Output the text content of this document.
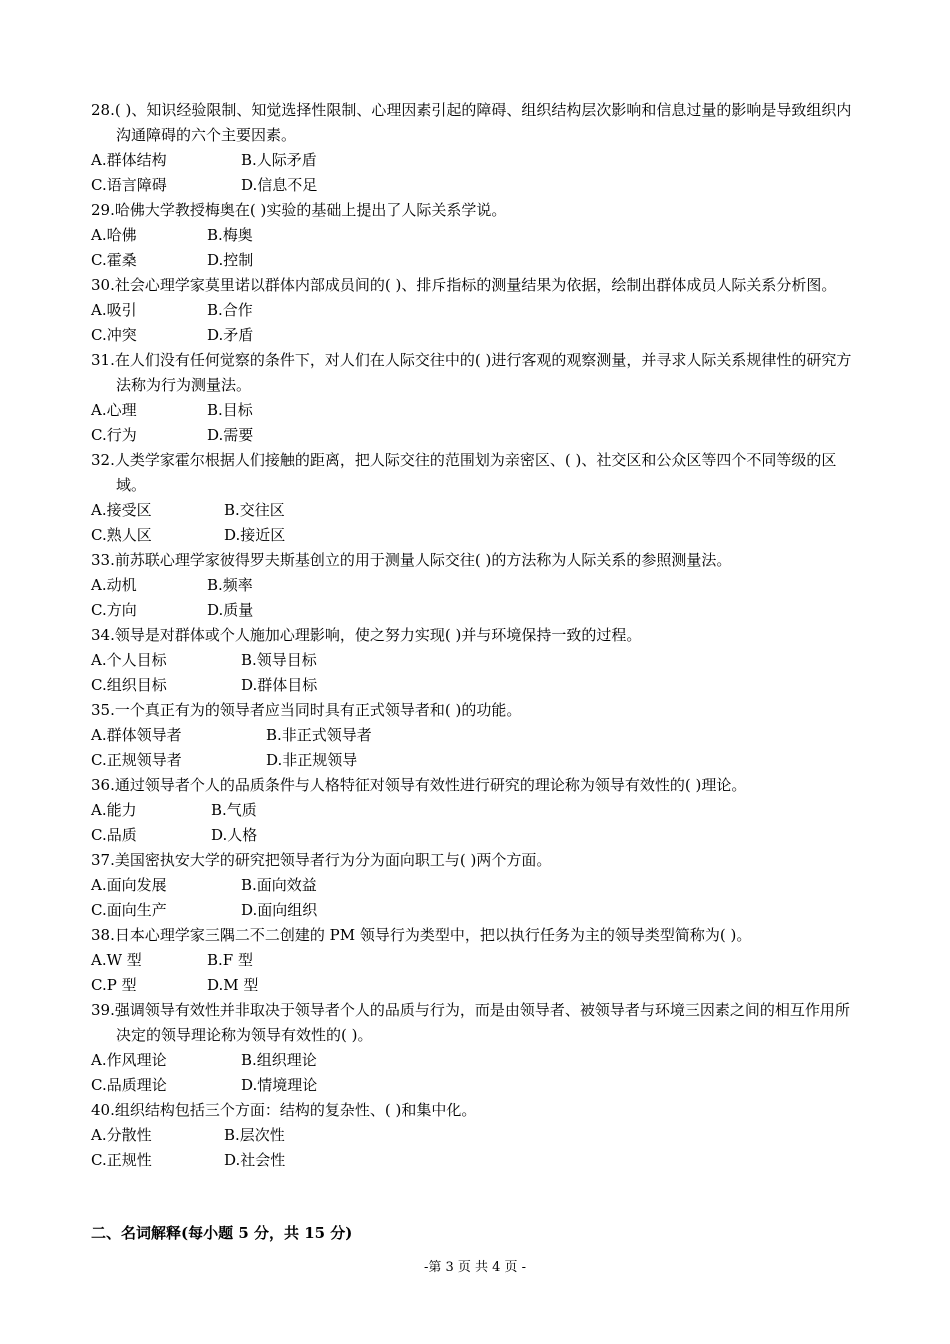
28.( )、知识经验限制、知觉选择性限制、心理因素引起的障碍、组织结构层次影响和信息过量的影响是导致组织内沟通障碍的六个主要因素。

A.群体结构	B.人际矛盾
C.语言障碍	D.信息不足

29.哈佛大学教授梅奥在( )实验的基础上提出了人际关系学说。

A.哈佛	B.梅奥
C.霍桑	D.控制

30.社会心理学家莫里诺以群体内部成员间的( )、排斥指标的测量结果为依据，绘制出群体成员人际关系分析图。

A.吸引	B.合作
C.冲突	D.矛盾

31.在人们没有任何觉察的条件下，对人们在人际交往中的( )进行客观的观察测量，并寻求人际关系规律性的研究方法称为行为测量法。

A.心理	B.目标
C.行为	D.需要

32.人类学家霍尔根据人们接触的距离，把人际交往的范围划为亲密区、( )、社交区和公众区等四个不同等级的区域。

A.接受区	B.交往区
C.熟人区	D.接近区

33.前苏联心理学家彼得罗夫斯基创立的用于测量人际交往( )的方法称为人际关系的参照测量法。

A.动机	B.频率
C.方向	D.质量

34.领导是对群体或个人施加心理影响，使之努力实现( )并与环境保持一致的过程。

A.个人目标	B.领导目标
C.组织目标	D.群体目标

35.一个真正有为的领导者应当同时具有正式领导者和( )的功能。

A.群体领导者	B.非正式领导者
C.正规领导者	D.非正规领导

36.通过领导者个人的品质条件与人格特征对领导有效性进行研究的理论称为领导有效性的( )理论。

A.能力	B.气质
C.品质	D.人格

37.美国密执安大学的研究把领导者行为分为面向职工与( )两个方面。

A.面向发展	B.面向效益
C.面向生产	D.面向组织

38.日本心理学家三隅二不二创建的 PM 领导行为类型中，把以执行任务为主的领导类型简称为( )。

A.W 型	B.F 型
C.P 型	D.M 型

39.强调领导有效性并非取决于领导者个人的品质与行为，而是由领导者、被领导者与环境三因素之间的相互作用所决定的领导理论称为领导有效性的( )。

A.作风理论	B.组织理论
C.品质理论	D.情境理论

40.组织结构包括三个方面：结构的复杂性、( )和集中化。

A.分散性	B.层次性
C.正规性	D.社会性
二、名词解释(每小题 5 分，共 15 分)
-第 3 页 共 4 页 -
